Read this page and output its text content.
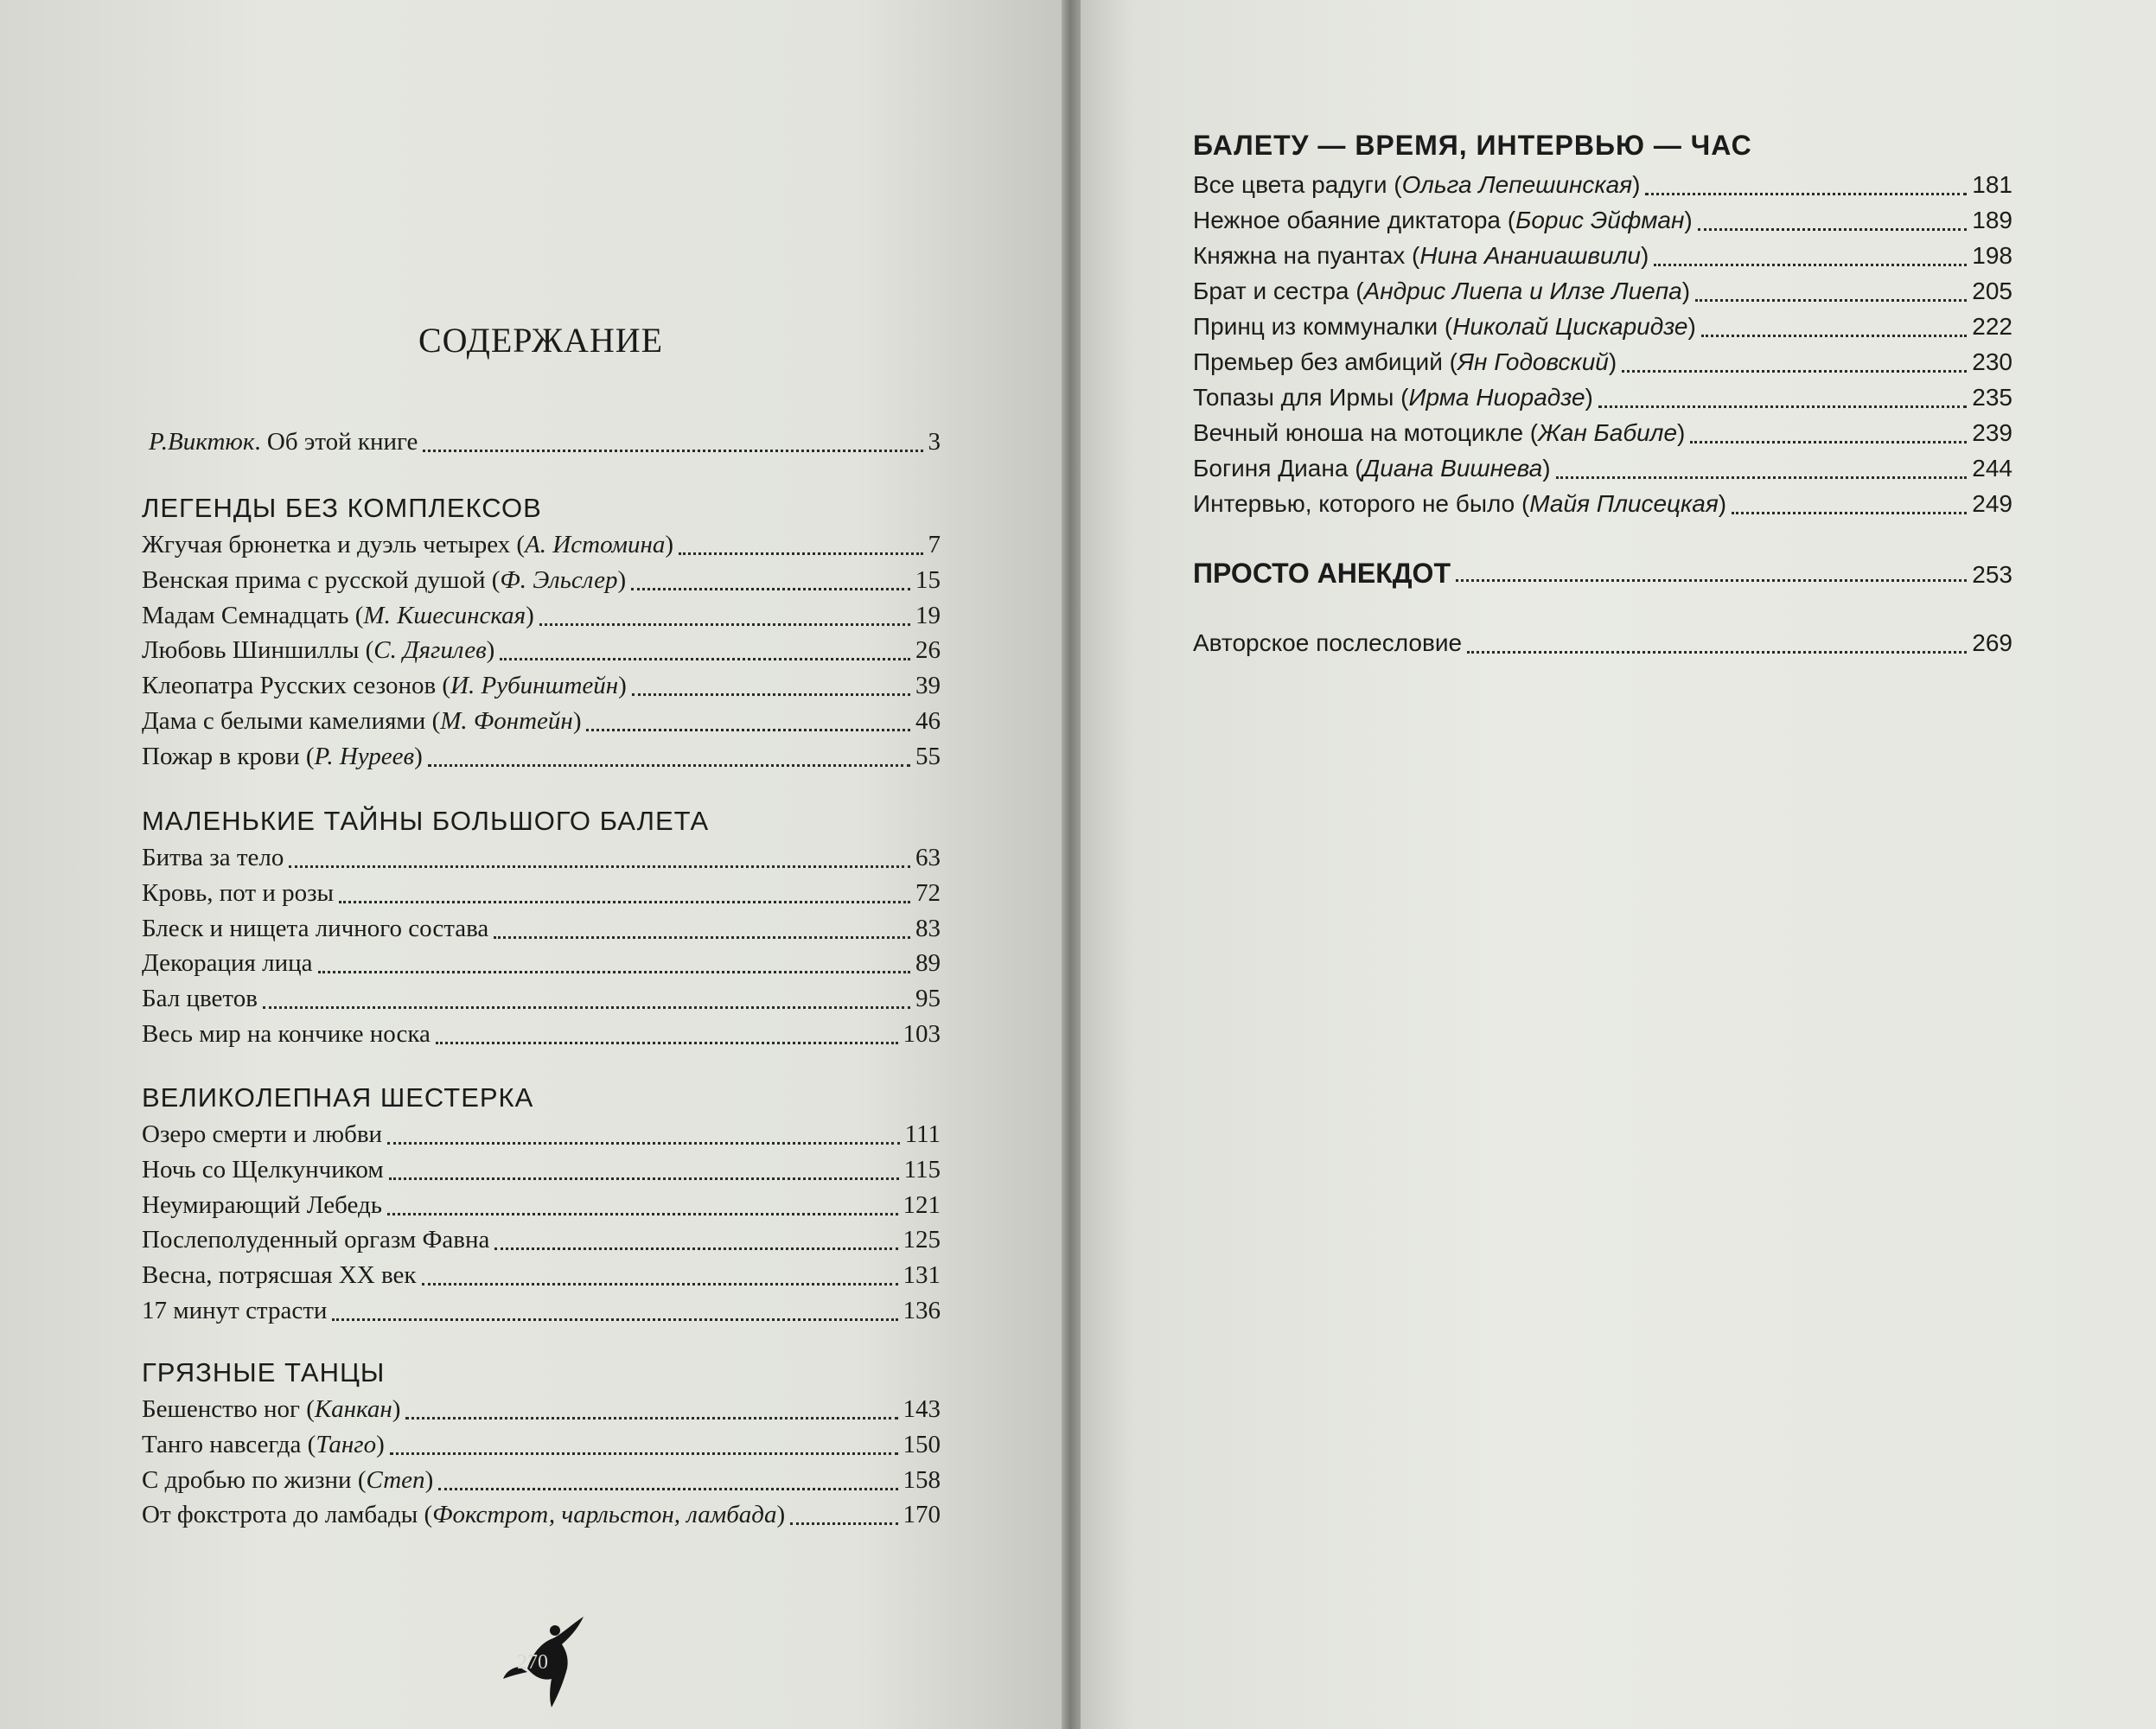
СОДЕРЖАНИЕ
Р.Виктюк. Об этой книге	3
ЛЕГЕНДЫ БЕЗ КОМПЛЕКСОВ
Жгучая брюнетка и дуэль четырех (А. Истомина)	7
Венская прима с русской душой (Ф. Эльслер)	15
Мадам Семнадцать (М. Кшесинская)	19
Любовь Шиншиллы (С. Дягилев)	26
Клеопатра Русских сезонов (И. Рубинштейн)	39
Дама с белыми камелиями (М. Фонтейн)	46
Пожар в крови (Р. Нуреев)	55
МАЛЕНЬКИЕ ТАЙНЫ БОЛЬШОГО БАЛЕТА
Битва за тело	63
Кровь, пот и розы	72
Блеск и нищета личного состава	83
Декорация лица	89
Бал цветов	95
Весь мир на кончике носка	103
ВЕЛИКОЛЕПНАЯ ШЕСТЕРКА
Озеро смерти и любви	111
Ночь со Щелкунчиком	115
Неумирающий Лебедь	121
Послеполуденный оргазм Фавна	125
Весна, потрясшая XX век	131
17 минут страсти	136
ГРЯЗНЫЕ ТАНЦЫ
Бешенство ног (Канкан)	143
Танго навсегда (Танго)	150
С дробью по жизни (Степ)	158
От фокстрота до ламбады (Фокстрот, чарльстон, ламбада)	170
БАЛЕТУ — ВРЕМЯ, ИНТЕРВЬЮ — ЧАС
Все цвета радуги (Ольга Лепешинская)	181
Нежное обаяние диктатора (Борис Эйфман)	189
Княжна на пуантах (Нина Ананиашвили)	198
Брат и сестра (Андрис Лиепа и Илзе Лиепа)	205
Принц из коммуналки (Николай Цискаридзе)	222
Премьер без амбиций (Ян Годовский)	230
Топазы для Ирмы (Ирма Ниорадзе)	235
Вечный юноша на мотоцикле (Жан Бабиле)	239
Богиня Диана (Диана Вишнева)	244
Интервью, которого не было (Майя Плисецкая)	249
ПРОСТО АНЕКДОТ	253
Авторское послесловие	269
270
